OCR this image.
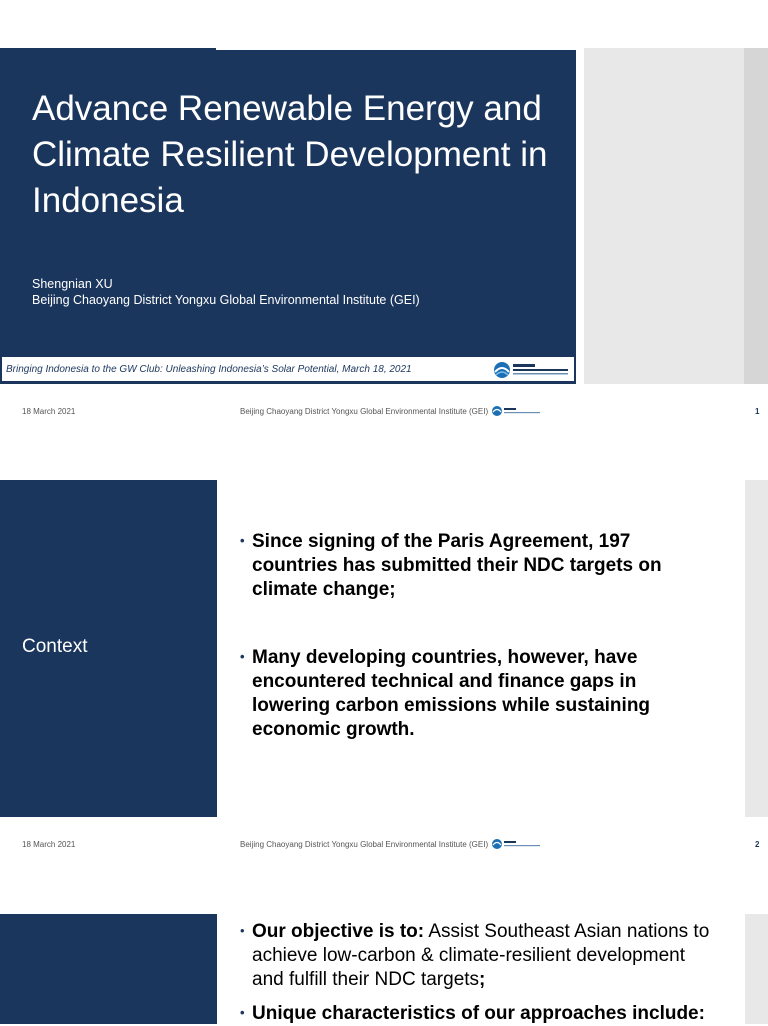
Advance Renewable Energy and Climate Resilient Development in Indonesia
Shengnian XU
Beijing Chaoyang District Yongxu Global Environmental Institute (GEI)
Bringing Indonesia to the GW Club: Unleashing Indonesia’s Solar Potential, March 18, 2021
18 March 2021	Beijing Chaoyang District Yongxu Global Environmental Institute (GEI)	1
Context
• Since signing of the Paris Agreement, 197 countries has submitted their NDC targets on climate change;
• Many developing countries, however, have encountered technical and finance gaps in lowering carbon emissions while sustaining economic growth.
18 March 2021	Beijing Chaoyang District Yongxu Global Environmental Institute (GEI)	2
• Our objective is to: Assist Southeast Asian nations to achieve low-carbon & climate-resilient development and fulfill their NDC targets;
• Unique characteristics of our approaches include:
